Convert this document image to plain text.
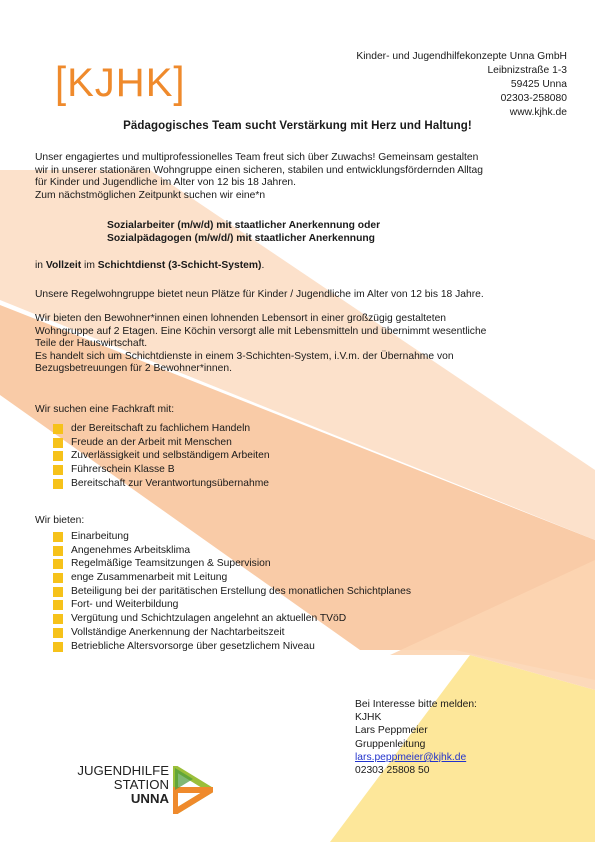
[ KJHK ]
Kinder- und Jugendhilfekonzepte Unna GmbH
Leibnizstraße 1-3
59425 Unna
02303-258080
www.kjhk.de
Pädagogisches Team sucht Verstärkung mit Herz und Haltung!
Unser engagiertes und multiprofessionelles Team freut sich über Zuwachs! Gemeinsam gestalten
wir in unserer stationären Wohngruppe einen sicheren, stabilen und entwicklungsfördernden Alltag
für Kinder und Jugendliche im Alter von 12 bis 18 Jahren.
Zum nächstmöglichen Zeitpunkt suchen wir eine*n
Sozialarbeiter (m/w/d) mit staatlicher Anerkennung oder
Sozialpädagogen (m/w/d/) mit staatlicher Anerkennung
in Vollzeit im Schichtdienst (3-Schicht-System).
Unsere Regelwohngruppe bietet neun Plätze für Kinder / Jugendliche im Alter von 12 bis 18 Jahre.
Wir bieten den Bewohner*innen einen lohnenden Lebensort in einer großzügig gestalteten
Wohngruppe auf 2 Etagen. Eine Köchin versorgt alle mit Lebensmitteln und übernimmt wesentliche
Teile der Hauswirtschaft.
Es handelt sich um Schichtdienste in einem 3-Schichten-System, i.V.m. der Übernahme von
Bezugsbetreuungen für 2 Bewohner*innen.
Wir suchen eine Fachkraft mit:
der Bereitschaft zu fachlichem Handeln
Freude an der Arbeit mit Menschen
Zuverlässigkeit und selbständigem Arbeiten
Führerschein Klasse B
Bereitschaft zur Verantwortungsübernahme
Wir bieten:
Einarbeitung
Angenehmes Arbeitsklima
Regelmäßige Teamsitzungen & Supervision
enge Zusammenarbeit mit Leitung
Beteiligung bei der paritätischen Erstellung des monatlichen Schichtplanes
Fort- und Weiterbildung
Vergütung und Schichtzulagen angelehnt an aktuellen TVöD
Vollständige Anerkennung der Nachtarbeitszeit
Betriebliche Altersvorsorge über gesetzlichem Niveau
Bei Interesse bitte melden:
KJHK
Lars Peppmeier
Gruppenleitung
lars.peppmeier@kjhk.de
02303 25808 50
JUGENDHILFE
STATION
UNNA
